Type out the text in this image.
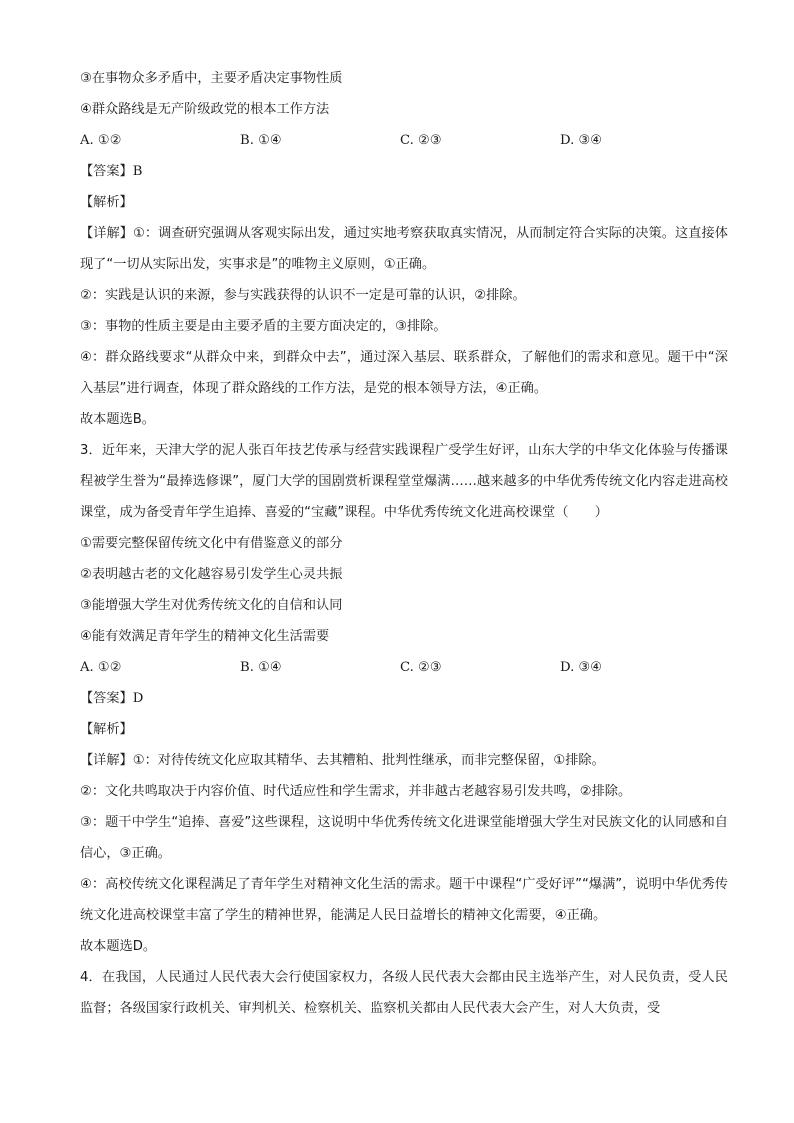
③在事物众多矛盾中，主要矛盾决定事物性质
④群众路线是无产阶级政党的根本工作方法
A. ①②	B. ①④	C. ②③	D. ③④
【答案】B
【解析】
【详解】①：调查研究强调从客观实际出发，通过实地考察获取真实情况，从而制定符合实际的决策。这直接体现了“一切从实际出发，实事求是”的唯物主义原则，①正确。
②：实践是认识的来源，参与实践获得的认识不一定是可靠的认识，②排除。
③：事物的性质主要是由主要矛盾的主要方面决定的，③排除。
④：群众路线要求“从群众中来，到群众中去”，通过深入基层、联系群众，了解他们的需求和意见。题干中“深入基层”进行调查，体现了群众路线的工作方法，是党的根本领导方法，④正确。
故本题选B。
3．近年来，天津大学的泥人张百年技艺传承与经营实践课程广受学生好评，山东大学的中华文化体验与传播课程被学生誉为“最捧选修课”，厦门大学的国剧赏析课程堂堂爆满……越来越多的中华优秀传统文化内容走进高校课堂，成为备受青年学生追捧、喜爱的“宝藏”课程。中华优秀传统文化进高校课堂（　　）
①需要完整保留传统文化中有借鉴意义的部分
②表明越古老的文化越容易引发学生心灵共振
③能增强大学生对优秀传统文化的自信和认同
④能有效满足青年学生的精神文化生活需要
A. ①②	B. ①④	C. ②③	D. ③④
【答案】D
【解析】
【详解】①：对待传统文化应取其精华、去其糟粕、批判性继承，而非完整保留，①排除。
②：文化共鸣取决于内容价值、时代适应性和学生需求，并非越古老越容易引发共鸣，②排除。
③：题干中学生“追捧、喜爱”这些课程，这说明中华优秀传统文化进课堂能增强大学生对民族文化的认同感和自信心，③正确。
④：高校传统文化课程满足了青年学生对精神文化生活的需求。题干中课程“广受好评”“爆满”，说明中华优秀传统文化进高校课堂丰富了学生的精神世界，能满足人民日益增长的精神文化需要，④正确。
故本题选D。
4．在我国，人民通过人民代表大会行使国家权力，各级人民代表大会都由民主选举产生，对人民负责，受人民监督；各级国家行政机关、审判机关、检察机关、监察机关都由人民代表大会产生，对人大负责，受
